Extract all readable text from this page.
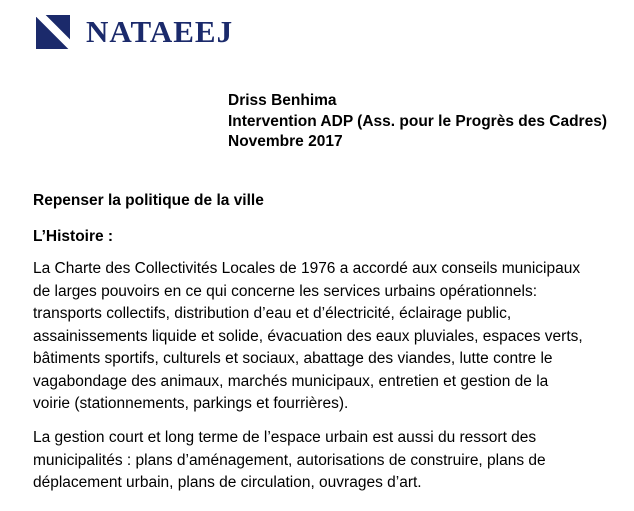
NATAEEJ
Driss Benhima
Intervention ADP (Ass. pour le Progrès des Cadres)
Novembre 2017
Repenser la politique de la ville
L’Histoire :
La Charte des Collectivités Locales de 1976 a accordé aux conseils municipaux
de larges pouvoirs en ce qui concerne les services urbains opérationnels:
transports collectifs, distribution d’eau et d’électricité, éclairage public,
assainissements liquide et solide, évacuation des eaux pluviales, espaces verts,
bâtiments sportifs, culturels et sociaux, abattage des viandes, lutte contre le
vagabondage des animaux, marchés municipaux, entretien et gestion de la
voirie (stationnements, parkings et fourrières).
La gestion court et long terme de l’espace urbain est aussi du ressort des
municipalités : plans d’aménagement, autorisations de construire, plans de
déplacement urbain, plans de circulation, ouvrages d’art.
